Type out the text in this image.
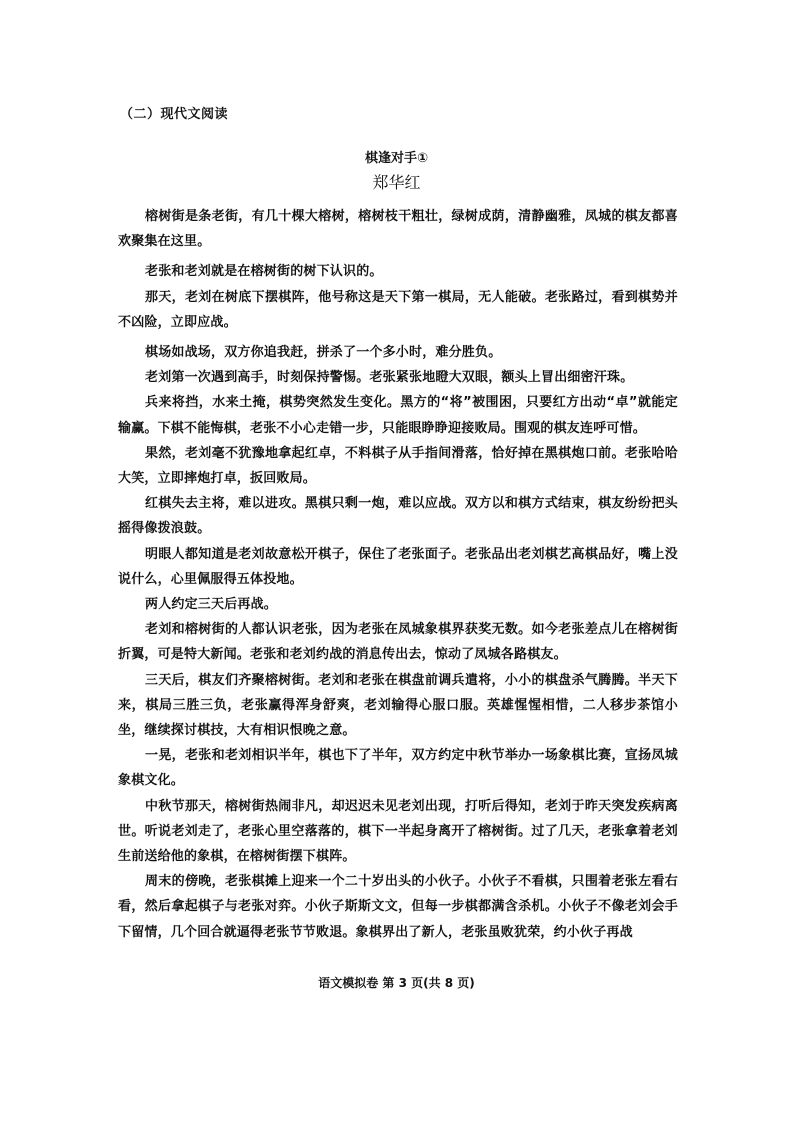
（二）现代文阅读
棋逢对手①
郑华红

榕树街是条老街，有几十棵大榕树，榕树枝干粗壮，绿树成荫，清静幽雅，凤城的棋友都喜欢聚集在这里。

老张和老刘就是在榕树街的树下认识的。

那天，老刘在树底下摆棋阵，他号称这是天下第一棋局，无人能破。老张路过，看到棋势并不凶险，立即应战。

棋场如战场，双方你追我赶，拼杀了一个多小时，难分胜负。

老刘第一次遇到高手，时刻保持警惕。老张紧张地瞪大双眼，额头上冒出细密汗珠。

兵来将挡，水来土掩，棋势突然发生变化。黑方的“将”被围困，只要红方出动“卓”就能定输赢。下棋不能悔棋，老张不小心走错一步，只能眼睁睁迎接败局。围观的棋友连呼可惜。

果然，老刘毫不犹豫地拿起红卓，不料棋子从手指间滑落，恰好掉在黑棋炮口前。老张哈哈大笑，立即摔炮打卓，扳回败局。

红棋失去主将，难以进攻。黑棋只剩一炮，难以应战。双方以和棋方式结束，棋友纷纷把头摇得像拨浪鼓。

明眼人都知道是老刘故意松开棋子，保住了老张面子。老张品出老刘棋艺高棋品好，嘴上没说什么，心里佩服得五体投地。

两人约定三天后再战。

老刘和榕树街的人都认识老张，因为老张在凤城象棋界获奖无数。如今老张差点儿在榕树街折翼，可是特大新闻。老张和老刘约战的消息传出去，惊动了凤城各路棋友。

三天后，棋友们齐聚榕树街。老刘和老张在棋盘前调兵遣将，小小的棋盘杀气腾腾。半天下来，棋局三胜三负，老张赢得浑身舒爽，老刘输得心服口服。英雄惺惺相惜，二人移步茶馆小坐，继续探讨棋技，大有相识恨晚之意。

一晃，老张和老刘相识半年，棋也下了半年，双方约定中秋节举办一场象棋比赛，宣扬凤城象棋文化。

中秋节那天，榕树街热闹非凡，却迟迟未见老刘出现，打听后得知，老刘于昨天突发疾病离世。听说老刘走了，老张心里空落落的，棋下一半起身离开了榕树街。过了几天，老张拿着老刘生前送给他的象棋，在榕树街摆下棋阵。

周末的傍晚，老张棋摊上迎来一个二十岁出头的小伙子。小伙子不看棋，只围着老张左看右看，然后拿起棋子与老张对弈。小伙子斯斯文文，但每一步棋都满含杀机。小伙子不像老刘会手下留情，几个回合就逼得老张节节败退。象棋界出了新人，老张虽败犹荣，约小伙子再战

语文模拟卷 第 3 页(共 8 页)
